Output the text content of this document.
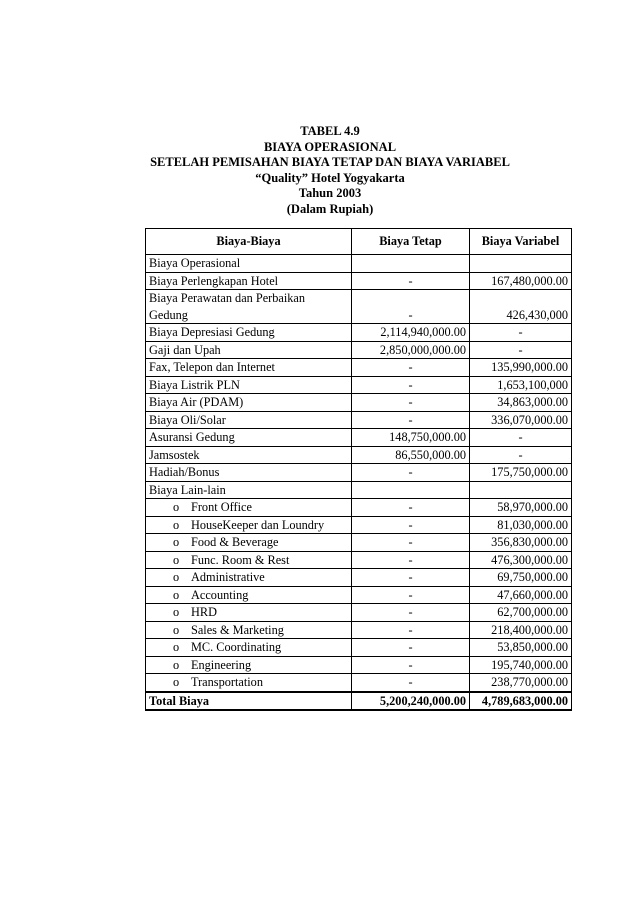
TABEL 4.9
BIAYA OPERASIONAL
SETELAH PEMISAHAN BIAYA TETAP DAN BIAYA VARIABEL
“Quality” Hotel Yogyakarta
Tahun 2003
(Dalam Rupiah)
Biaya-Biaya	Biaya Tetap	Biaya Variabel
Biaya Operasional		
Biaya Perlengkapan Hotel	-	167,480,000.00

Biaya Perawatan dan Perbaikan
Gedung	-	426,430,000
Biaya Depresiasi Gedung	2,114,940,000.00	-
Gaji dan Upah	2,850,000,000.00	-
Fax, Telepon dan Internet	-	135,990,000.00
Biaya Listrik PLN	-	1,653,100,000
Biaya Air (PDAM)	-	34,863,000.00
Biaya Oli/Solar	-	336,070,000.00
Asuransi Gedung	148,750,000.00	-
Jamsostek	86,550,000.00	-
Hadiah/Bonus	-	175,750,000.00
Biaya Lain-lain		
o Front Office	-	58,970,000.00
o HouseKeeper dan Loundry	-	81,030,000.00
o Food & Beverage	-	356,830,000.00
o Func. Room & Rest	-	476,300,000.00
o Administrative	-	69,750,000.00
o Accounting	-	47,660,000.00
o HRD	-	62,700,000.00
o Sales & Marketing	-	218,400,000.00
o MC. Coordinating	-	53,850,000.00
o Engineering	-	195,740,000.00
o Transportation	-	238,770,000.00
Total Biaya	5,200,240,000.00	4,789,683,000.00
